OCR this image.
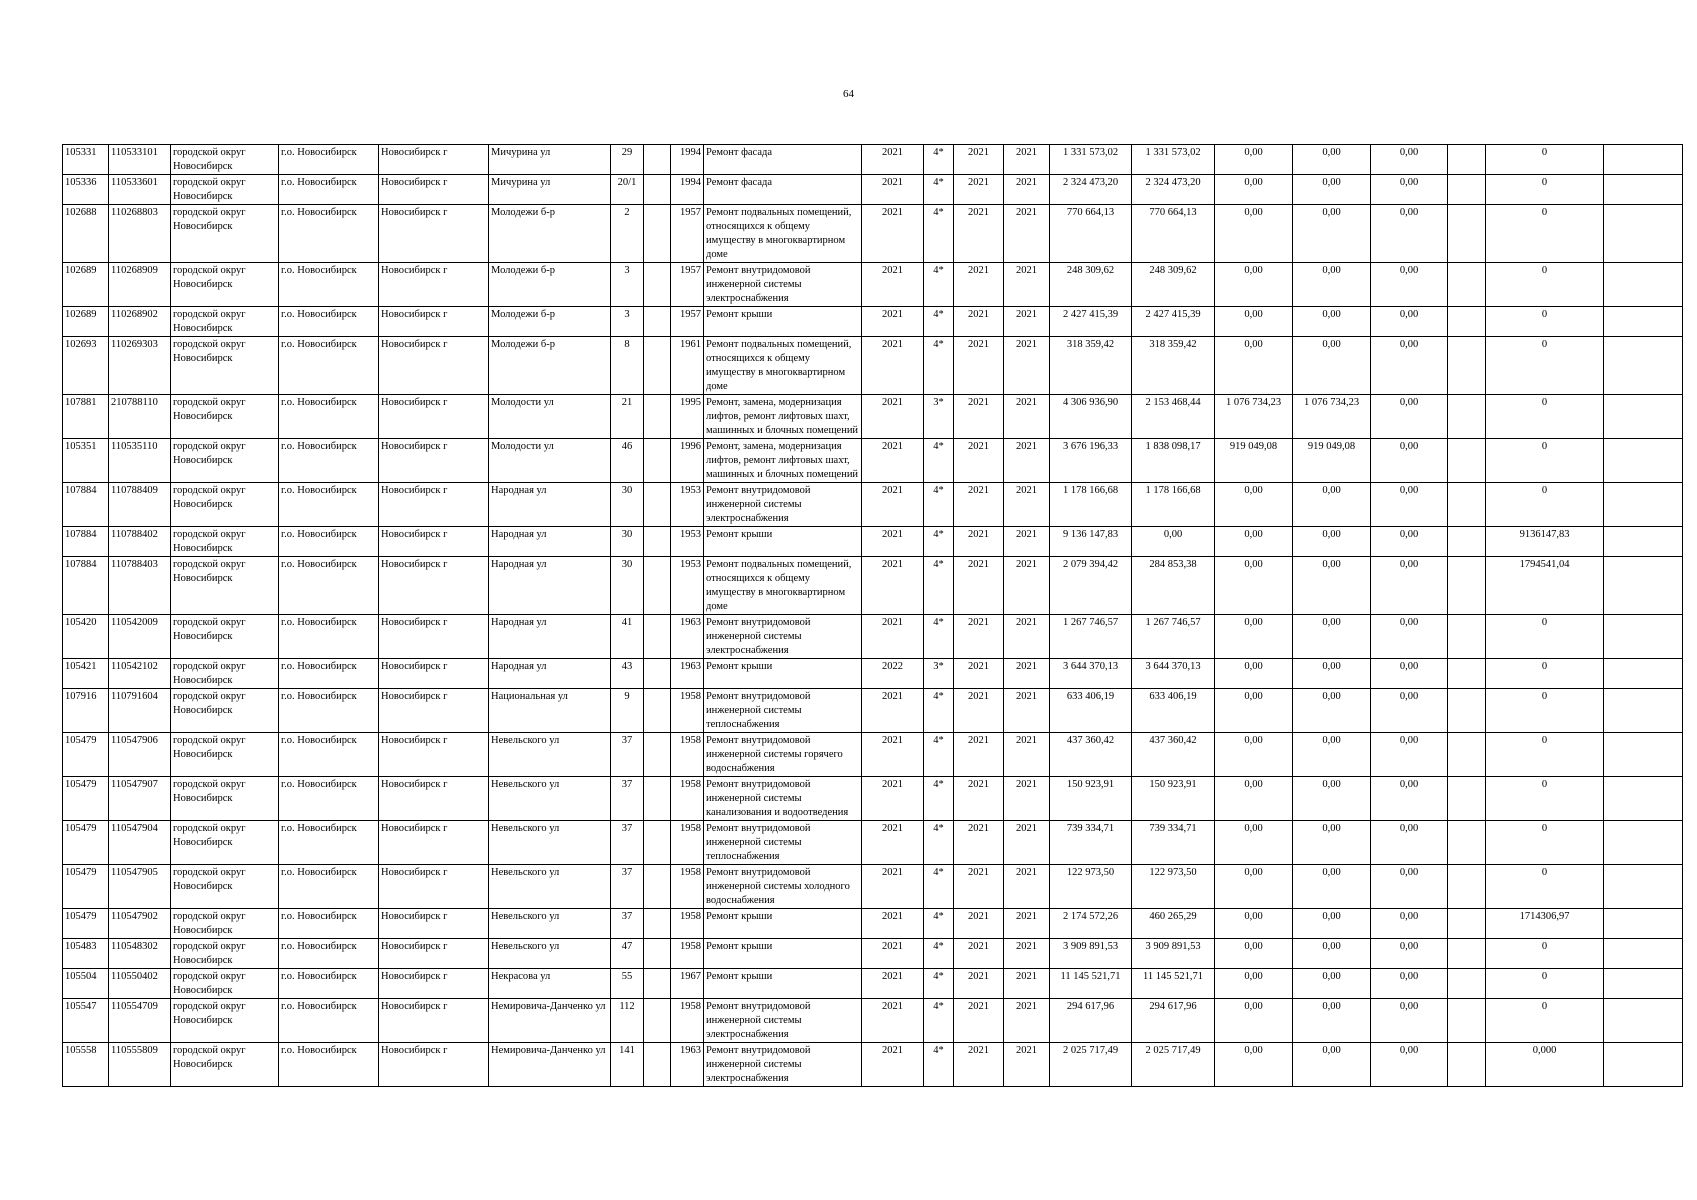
64
105331	110533101	городской округ Новосибирск	г.о. Новосибирск	Новосибирск г	Мичурина ул	29		1994	Ремонт фасада	2021	4*	2021	2021	1 331 573,02	1 331 573,02	0,00	0,00	0,00		0	
105336	110533601	городской округ Новосибирск	г.о. Новосибирск	Новосибирск г	Мичурина ул	20/1		1994	Ремонт фасада	2021	4*	2021	2021	2 324 473,20	2 324 473,20	0,00	0,00	0,00		0	
102688	110268803	городской округ Новосибирск	г.о. Новосибирск	Новосибирск г	Молодежи б-р	2		1957	Ремонт подвальных помещений, относящихся к общему имуществу в многоквартирном доме	2021	4*	2021	2021	770 664,13	770 664,13	0,00	0,00	0,00		0	
102689	110268909	городской округ Новосибирск	г.о. Новосибирск	Новосибирск г	Молодежи б-р	3		1957	Ремонт внутридомовой инженерной системы электроснабжения	2021	4*	2021	2021	248 309,62	248 309,62	0,00	0,00	0,00		0	
102689	110268902	городской округ Новосибирск	г.о. Новосибирск	Новосибирск г	Молодежи б-р	3		1957	Ремонт крыши	2021	4*	2021	2021	2 427 415,39	2 427 415,39	0,00	0,00	0,00		0	
102693	110269303	городской округ Новосибирск	г.о. Новосибирск	Новосибирск г	Молодежи б-р	8		1961	Ремонт подвальных помещений, относящихся к общему имуществу в многоквартирном доме	2021	4*	2021	2021	318 359,42	318 359,42	0,00	0,00	0,00		0	
107881	210788110	городской округ Новосибирск	г.о. Новосибирск	Новосибирск г	Молодости ул	21		1995	Ремонт, замена, модернизация лифтов, ремонт лифтовых шахт, машинных и блочных помещений	2021	3*	2021	2021	4 306 936,90	2 153 468,44	1 076 734,23	1 076 734,23	0,00		0	
105351	110535110	городской округ Новосибирск	г.о. Новосибирск	Новосибирск г	Молодости ул	46		1996	Ремонт, замена, модернизация лифтов, ремонт лифтовых шахт, машинных и блочных помещений	2021	4*	2021	2021	3 676 196,33	1 838 098,17	919 049,08	919 049,08	0,00		0	
107884	110788409	городской округ Новосибирск	г.о. Новосибирск	Новосибирск г	Народная ул	30		1953	Ремонт внутридомовой инженерной системы электроснабжения	2021	4*	2021	2021	1 178 166,68	1 178 166,68	0,00	0,00	0,00		0	
107884	110788402	городской округ Новосибирск	г.о. Новосибирск	Новосибирск г	Народная ул	30		1953	Ремонт крыши	2021	4*	2021	2021	9 136 147,83	0,00	0,00	0,00	0,00		9136147,83	
107884	110788403	городской округ Новосибирск	г.о. Новосибирск	Новосибирск г	Народная ул	30		1953	Ремонт подвальных помещений, относящихся к общему имуществу в многоквартирном доме	2021	4*	2021	2021	2 079 394,42	284 853,38	0,00	0,00	0,00		1794541,04	
105420	110542009	городской округ Новосибирск	г.о. Новосибирск	Новосибирск г	Народная ул	41		1963	Ремонт внутридомовой инженерной системы электроснабжения	2021	4*	2021	2021	1 267 746,57	1 267 746,57	0,00	0,00	0,00		0	
105421	110542102	городской округ Новосибирск	г.о. Новосибирск	Новосибирск г	Народная ул	43		1963	Ремонт крыши	2022	3*	2021	2021	3 644 370,13	3 644 370,13	0,00	0,00	0,00		0	
107916	110791604	городской округ Новосибирск	г.о. Новосибирск	Новосибирск г	Национальная ул	9		1958	Ремонт внутридомовой инженерной системы теплоснабжения	2021	4*	2021	2021	633 406,19	633 406,19	0,00	0,00	0,00		0	
105479	110547906	городской округ Новосибирск	г.о. Новосибирск	Новосибирск г	Невельского ул	37		1958	Ремонт внутридомовой инженерной системы горячего водоснабжения	2021	4*	2021	2021	437 360,42	437 360,42	0,00	0,00	0,00		0	
105479	110547907	городской округ Новосибирск	г.о. Новосибирск	Новосибирск г	Невельского ул	37		1958	Ремонт внутридомовой инженерной системы канализования и водоотведения	2021	4*	2021	2021	150 923,91	150 923,91	0,00	0,00	0,00		0	
105479	110547904	городской округ Новосибирск	г.о. Новосибирск	Новосибирск г	Невельского ул	37		1958	Ремонт внутридомовой инженерной системы теплоснабжения	2021	4*	2021	2021	739 334,71	739 334,71	0,00	0,00	0,00		0	
105479	110547905	городской округ Новосибирск	г.о. Новосибирск	Новосибирск г	Невельского ул	37		1958	Ремонт внутридомовой инженерной системы холодного водоснабжения	2021	4*	2021	2021	122 973,50	122 973,50	0,00	0,00	0,00		0	
105479	110547902	городской округ Новосибирск	г.о. Новосибирск	Новосибирск г	Невельского ул	37		1958	Ремонт крыши	2021	4*	2021	2021	2 174 572,26	460 265,29	0,00	0,00	0,00		1714306,97	
105483	110548302	городской округ Новосибирск	г.о. Новосибирск	Новосибирск г	Невельского ул	47		1958	Ремонт крыши	2021	4*	2021	2021	3 909 891,53	3 909 891,53	0,00	0,00	0,00		0	
105504	110550402	городской округ Новосибирск	г.о. Новосибирск	Новосибирск г	Некрасова ул	55		1967	Ремонт крыши	2021	4*	2021	2021	11 145 521,71	11 145 521,71	0,00	0,00	0,00		0	
105547	110554709	городской округ Новосибирск	г.о. Новосибирск	Новосибирск г	Немировича-Данченко ул	112		1958	Ремонт внутридомовой инженерной системы электроснабжения	2021	4*	2021	2021	294 617,96	294 617,96	0,00	0,00	0,00		0	
105558	110555809	городской округ Новосибирск	г.о. Новосибирск	Новосибирск г	Немировича-Данченко ул	141		1963	Ремонт внутридомовой инженерной системы электроснабжения	2021	4*	2021	2021	2 025 717,49	2 025 717,49	0,00	0,00	0,00		0,000	
